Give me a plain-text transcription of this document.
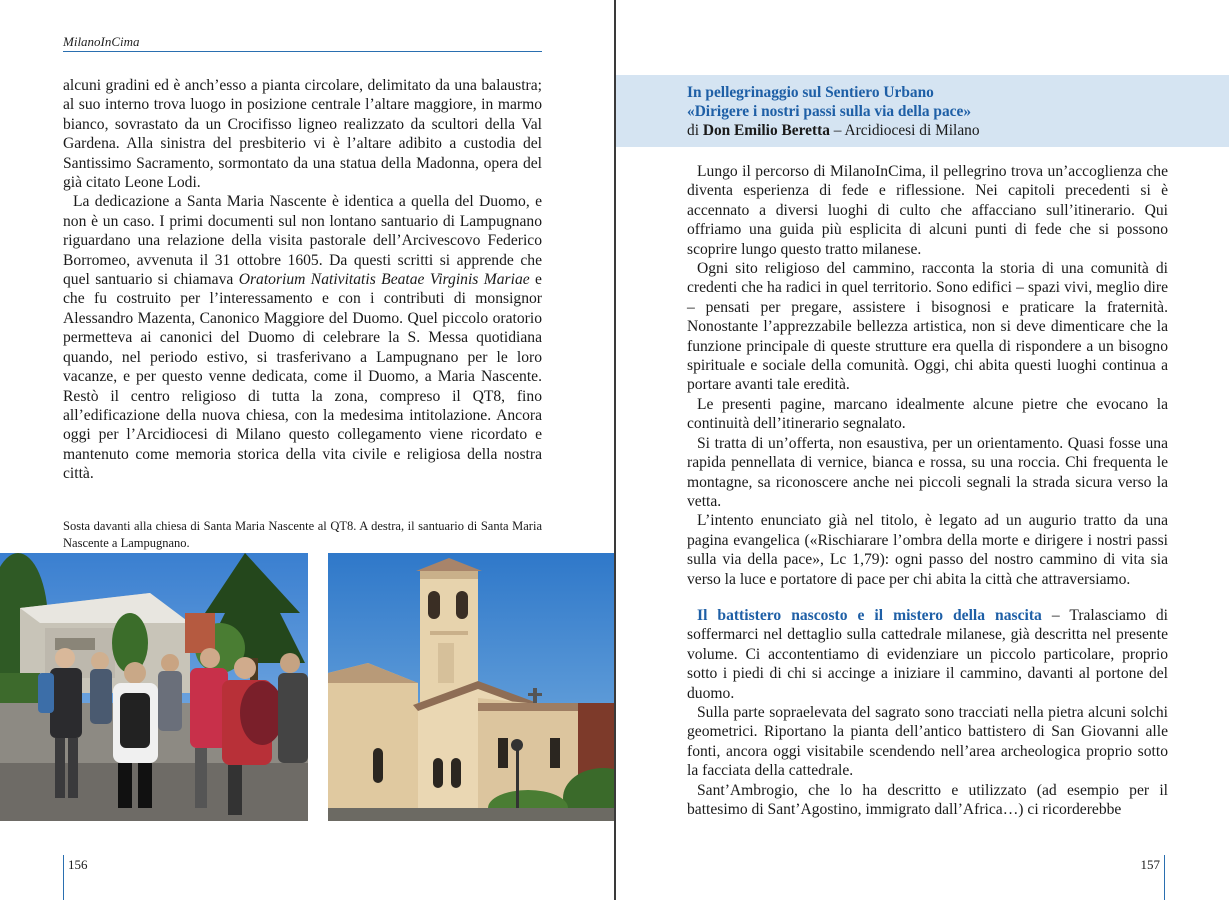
MilanoInCima

alcuni gradini ed è anch’esso a pianta circolare, delimitato da una balaustra; al suo interno trova luogo in posizione centrale l’altare maggiore, in marmo bianco, sovrastato da un Crocifisso ligneo realizzato da scultori della Val Gardena. Alla sinistra del presbiterio vi è l’altare adibito a custodia del Santissimo Sacramento, sormontato da una statua della Madonna, opera del già citato Leone Lodi.

La dedicazione a Santa Maria Nascente è identica a quella del Duomo, e non è un caso. I primi documenti sul non lontano santuario di Lampugnano riguardano una relazione della visita pastorale dell’Arcivescovo Federico Borromeo, avvenuta il 31 ottobre 1605. Da questi scritti si apprende che quel santuario si chiamava Oratorium Nativitatis Beatae Virginis Mariae e che fu costruito per l’interessamento e con i contributi di monsignor Alessandro Mazenta, Canonico Maggiore del Duomo. Quel piccolo oratorio permetteva ai canonici del Duomo di celebrare la S. Messa quotidiana quando, nel periodo estivo, si trasferivano a Lampugnano per le loro vacanze, e per questo venne dedicata, come il Duomo, a Maria Nascente. Restò il centro religioso di tutta la zona, compreso il QT8, fino all’edificazione della nuova chiesa, con la medesima intitolazione. Ancora oggi per l’Arcidiocesi di Milano questo collegamento viene ricordato e mantenuto come memoria storica della vita civile e religiosa della nostra città.

Sosta davanti alla chiesa di Santa Maria Nascente al QT8. A destra, il santuario di Santa Maria Nascente a Lampugnano.
156
In pellegrinaggio sul Sentiero Urbano
«Dirigere i nostri passi sulla via della pace»
di Don Emilio Beretta – Arcidiocesi di Milano

Lungo il percorso di MilanoInCima, il pellegrino trova un’accoglienza che diventa esperienza di fede e riflessione. Nei capitoli precedenti si è accennato a diversi luoghi di culto che affacciano sull’itinerario. Qui offriamo una guida più esplicita di alcuni punti di fede che si possono scoprire lungo questo tratto milanese.

Ogni sito religioso del cammino, racconta la storia di una comunità di credenti che ha radici in quel territorio. Sono edifici – spazi vivi, meglio dire – pensati per pregare, assistere i bisognosi e praticare la fraternità. Nonostante l’apprezzabile bellezza artistica, non si deve dimenticare che la funzione principale di queste strutture era quella di rispondere a un bisogno spirituale e sociale della comunità. Oggi, chi abita questi luoghi continua a portare avanti tale eredità.

Le presenti pagine, marcano idealmente alcune pietre che evocano la continuità dell’itinerario segnalato.

Si tratta di un’offerta, non esaustiva, per un orientamento. Quasi fosse una rapida pennellata di vernice, bianca e rossa, su una roccia. Chi frequenta le montagne, sa riconoscere anche nei piccoli segnali la strada sicura verso la vetta.

L’intento enunciato già nel titolo, è legato ad un augurio tratto da una pagina evangelica («Rischiarare l’ombra della morte e dirigere i nostri passi sulla via della pace», Lc 1,79): ogni passo del nostro cammino di vita sia verso la luce e portatore di pace per chi abita la città che attraversiamo.

Il battistero nascosto e il mistero della nascita – Tralasciamo di soffermarci nel dettaglio sulla cattedrale milanese, già descritta nel presente volume. Ci accontentiamo di evidenziare un piccolo particolare, proprio sotto i piedi di chi si accinge a iniziare il cammino, davanti al portone del duomo.

Sulla parte sopraelevata del sagrato sono tracciati nella pietra alcuni solchi geometrici. Riportano la pianta dell’antico battistero di San Giovanni alle fonti, ancora oggi visitabile scendendo nell’area archeologica proprio sotto la facciata della cattedrale.

Sant’Ambrogio, che lo ha descritto e utilizzato (ad esempio per il battesimo di Sant’Agostino, immigrato dall’Africa…) ci ricorderebbe

157
